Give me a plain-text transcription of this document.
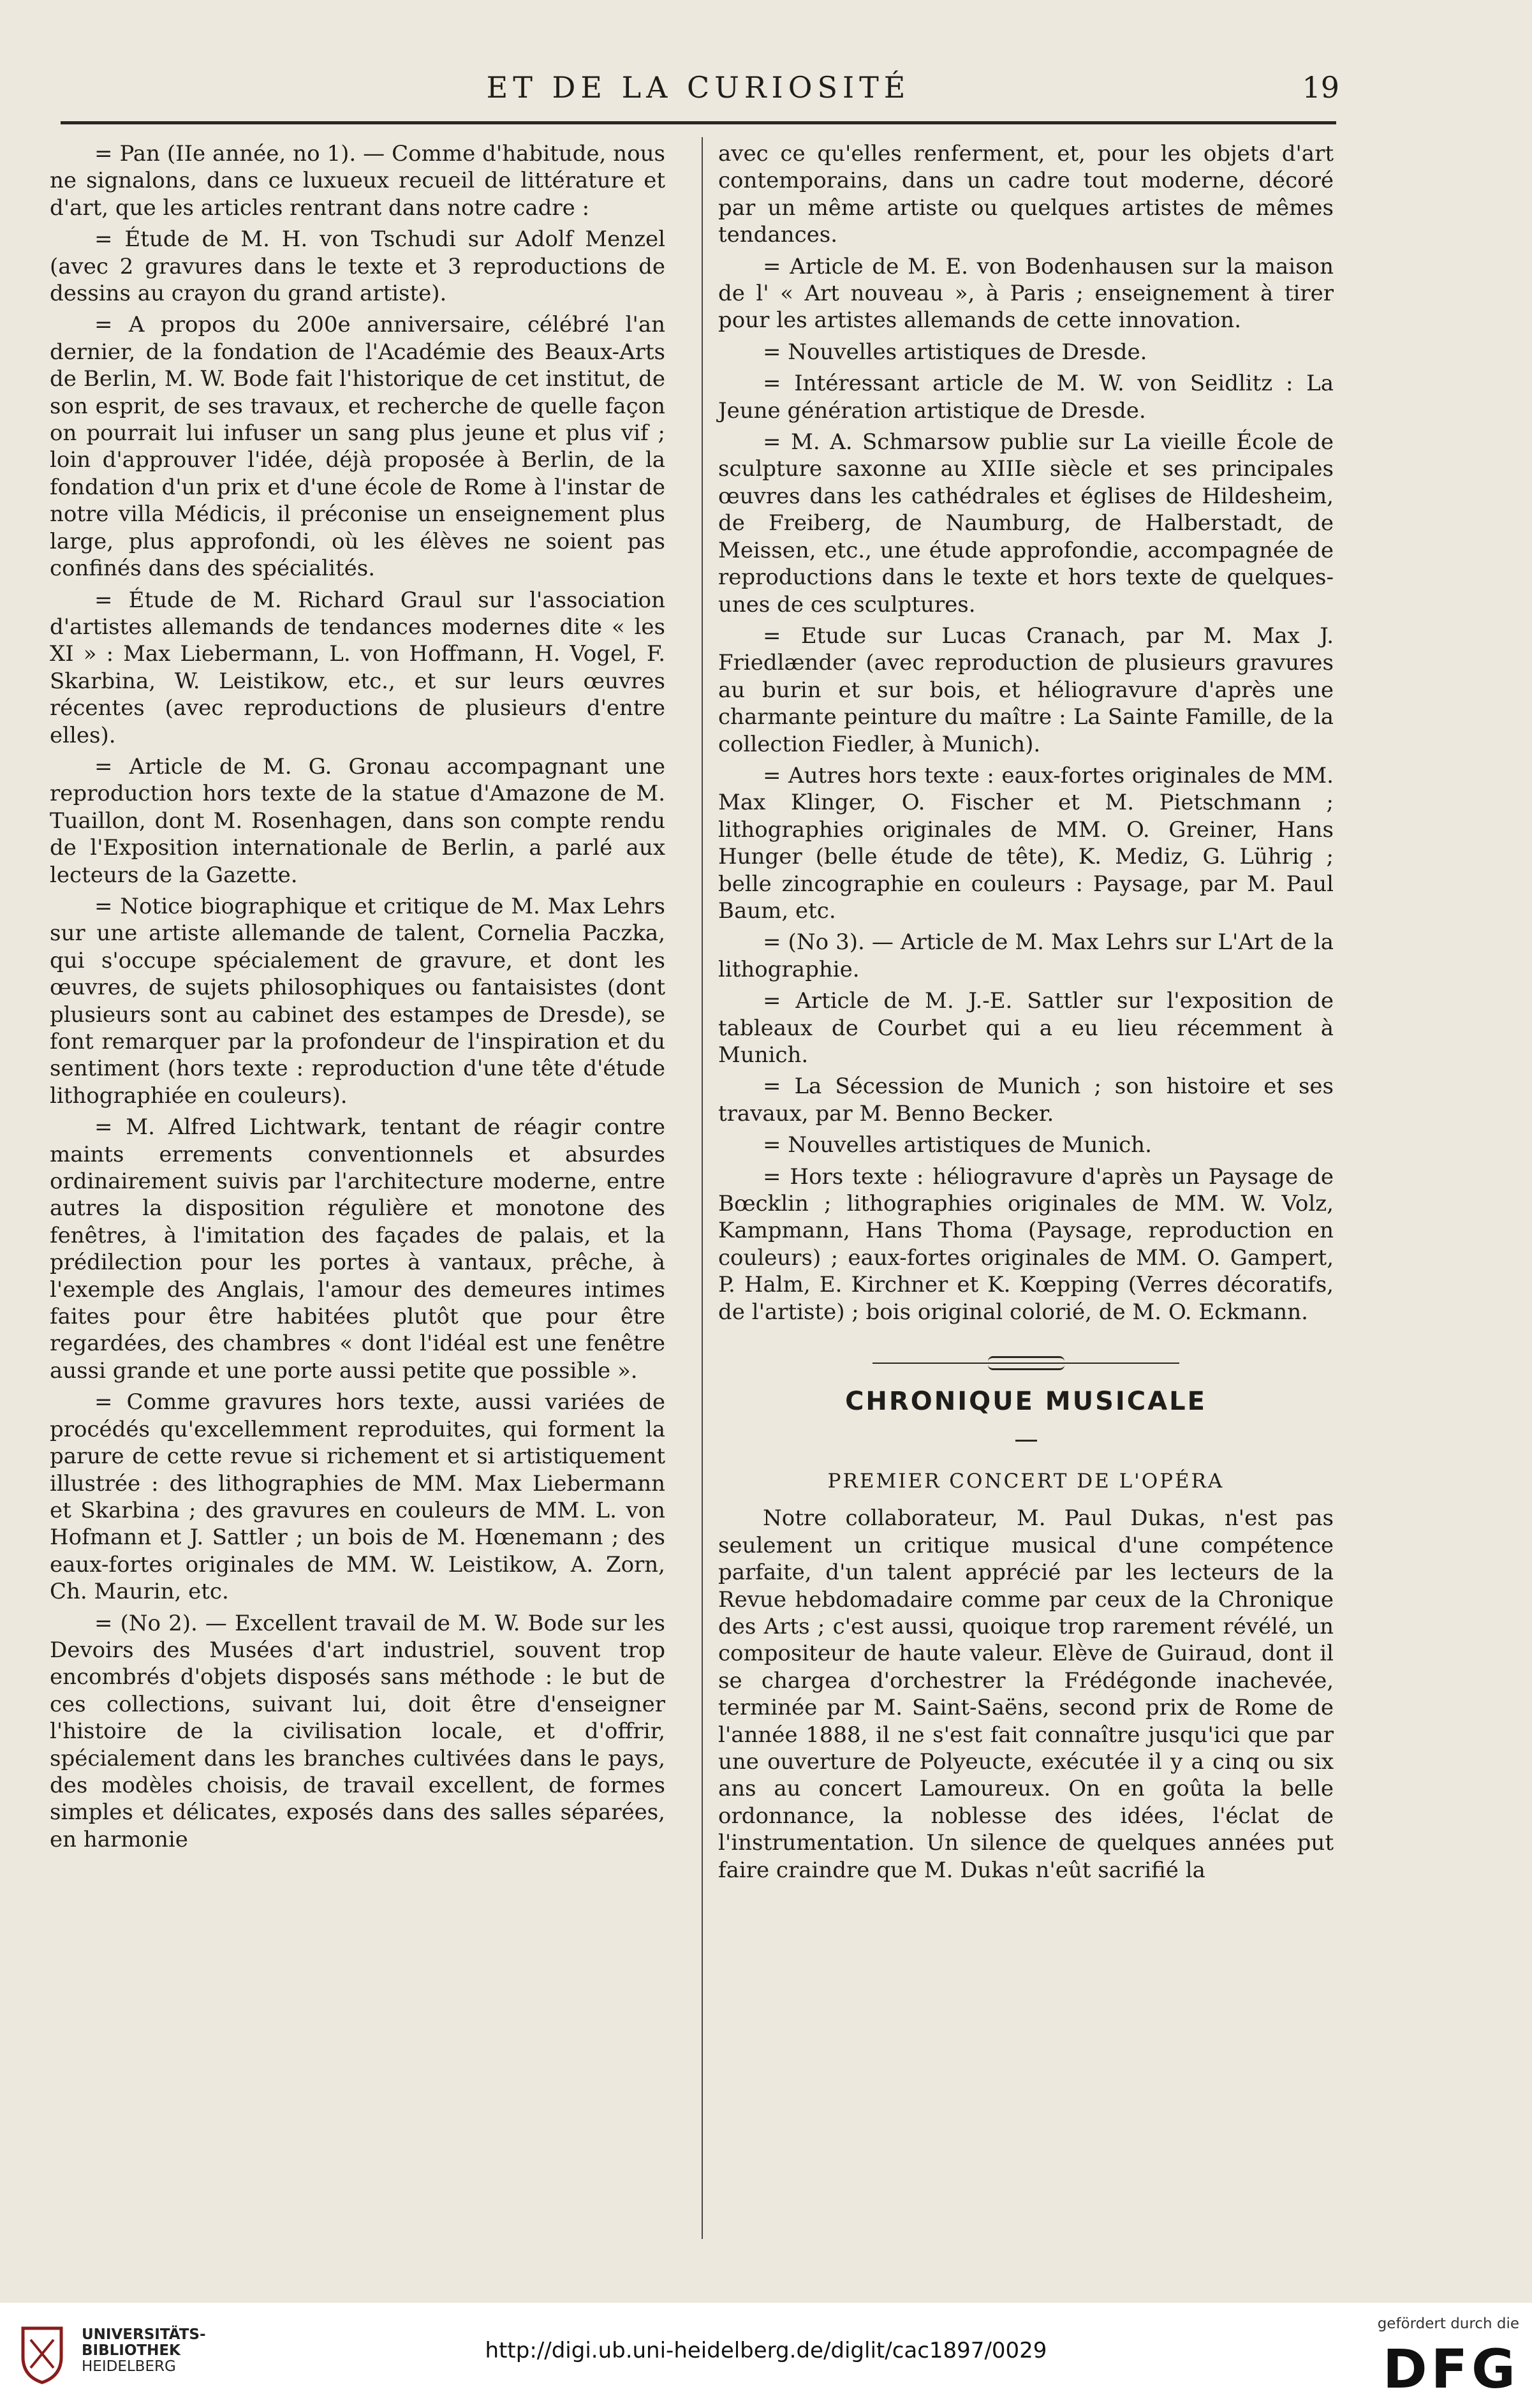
ET DE LA CURIOSITÉ	19

= Pan (IIe année, no 1). — Comme d'habitude, nous ne signalons, dans ce luxueux recueil de littérature et d'art, que les articles rentrant dans notre cadre :

= Étude de M. H. von Tschudi sur Adolf Menzel (avec 2 gravures dans le texte et 3 reproductions de dessins au crayon du grand artiste).

= A propos du 200e anniversaire, célébré l'an dernier, de la fondation de l'Académie des Beaux-Arts de Berlin, M. W. Bode fait l'historique de cet institut, de son esprit, de ses travaux, et recherche de quelle façon on pourrait lui infuser un sang plus jeune et plus vif ; loin d'approuver l'idée, déjà proposée à Berlin, de la fondation d'un prix et d'une école de Rome à l'instar de notre villa Médicis, il préconise un enseignement plus large, plus approfondi, où les élèves ne soient pas confinés dans des spécialités.

= Étude de M. Richard Graul sur l'association d'artistes allemands de tendances modernes dite « les XI » : Max Liebermann, L. von Hoffmann, H. Vogel, F. Skarbina, W. Leistikow, etc., et sur leurs œuvres récentes (avec reproductions de plusieurs d'entre elles).

= Article de M. G. Gronau accompagnant une reproduction hors texte de la statue d'Amazone de M. Tuaillon, dont M. Rosenhagen, dans son compte rendu de l'Exposition internationale de Berlin, a parlé aux lecteurs de la Gazette.

= Notice biographique et critique de M. Max Lehrs sur une artiste allemande de talent, Cornelia Paczka, qui s'occupe spécialement de gravure, et dont les œuvres, de sujets philosophiques ou fantaisistes (dont plusieurs sont au cabinet des estampes de Dresde), se font remarquer par la profondeur de l'inspiration et du sentiment (hors texte : reproduction d'une tête d'étude lithographiée en couleurs).

= M. Alfred Lichtwark, tentant de réagir contre maints errements conventionnels et absurdes ordinairement suivis par l'architecture moderne, entre autres la disposition régulière et monotone des fenêtres, à l'imitation des façades de palais, et la prédilection pour les portes à vantaux, prêche, à l'exemple des Anglais, l'amour des demeures intimes faites pour être habitées plutôt que pour être regardées, des chambres « dont l'idéal est une fenêtre aussi grande et une porte aussi petite que possible ».

= Comme gravures hors texte, aussi variées de procédés qu'excellemment reproduites, qui forment la parure de cette revue si richement et si artistiquement illustrée : des lithographies de MM. Max Liebermann et Skarbina ; des gravures en couleurs de MM. L. von Hofmann et J. Sattler ; un bois de M. Hœnemann ; des eaux-fortes originales de MM. W. Leistikow, A. Zorn, Ch. Maurin, etc.

= (No 2). — Excellent travail de M. W. Bode sur les Devoirs des Musées d'art industriel, souvent trop encombrés d'objets disposés sans méthode : le but de ces collections, suivant lui, doit être d'enseigner l'histoire de la civilisation locale, et d'offrir, spécialement dans les branches cultivées dans le pays, des modèles choisis, de travail excellent, de formes simples et délicates, exposés dans des salles séparées, en harmonie

avec ce qu'elles renferment, et, pour les objets d'art contemporains, dans un cadre tout moderne, décoré par un même artiste ou quelques artistes de mêmes tendances.

= Article de M. E. von Bodenhausen sur la maison de l' « Art nouveau », à Paris ; enseignement à tirer pour les artistes allemands de cette innovation.

= Nouvelles artistiques de Dresde.

= Intéressant article de M. W. von Seidlitz : La Jeune génération artistique de Dresde.

= M. A. Schmarsow publie sur La vieille École de sculpture saxonne au XIIIe siècle et ses principales œuvres dans les cathédrales et églises de Hildesheim, de Freiberg, de Naumburg, de Halberstadt, de Meissen, etc., une étude approfondie, accompagnée de reproductions dans le texte et hors texte de quelques-unes de ces sculptures.

= Etude sur Lucas Cranach, par M. Max J. Friedlænder (avec reproduction de plusieurs gravures au burin et sur bois, et héliogravure d'après une charmante peinture du maître : La Sainte Famille, de la collection Fiedler, à Munich).

= Autres hors texte : eaux-fortes originales de MM. Max Klinger, O. Fischer et M. Pietschmann ; lithographies originales de MM. O. Greiner, Hans Hunger (belle étude de tête), K. Mediz, G. Lührig ; belle zincographie en couleurs : Paysage, par M. Paul Baum, etc.

= (No 3). — Article de M. Max Lehrs sur L'Art de la lithographie.

= Article de M. J.-E. Sattler sur l'exposition de tableaux de Courbet qui a eu lieu récemment à Munich.

= La Sécession de Munich ; son histoire et ses travaux, par M. Benno Becker.

= Nouvelles artistiques de Munich.

= Hors texte : héliogravure d'après un Paysage de Bœcklin ; lithographies originales de MM. W. Volz, Kampmann, Hans Thoma (Paysage, reproduction en couleurs) ; eaux-fortes originales de MM. O. Gampert, P. Halm, E. Kirchner et K. Kœpping (Verres décoratifs, de l'artiste) ; bois original colorié, de M. O. Eckmann.

CHRONIQUE MUSICALE
PREMIER CONCERT DE L'OPÉRA

Notre collaborateur, M. Paul Dukas, n'est pas seulement un critique musical d'une compétence parfaite, d'un talent apprécié par les lecteurs de la Revue hebdomadaire comme par ceux de la Chronique des Arts ; c'est aussi, quoique trop rarement révélé, un compositeur de haute valeur. Elève de Guiraud, dont il se chargea d'orchestrer la Frédégonde inachevée, terminée par M. Saint-Saëns, second prix de Rome de l'année 1888, il ne s'est fait connaître jusqu'ici que par une ouverture de Polyeucte, exécutée il y a cinq ou six ans au concert Lamoureux. On en goûta la belle ordonnance, la noblesse des idées, l'éclat de l'instrumentation. Un silence de quelques années put faire craindre que M. Dukas n'eût sacrifié la

UNIVERSITÄTS-
BIBLIOTHEK
HEIDELBERG
http://digi.ub.uni-heidelberg.de/diglit/cac1897/0029
gefördert durch die
DFG
